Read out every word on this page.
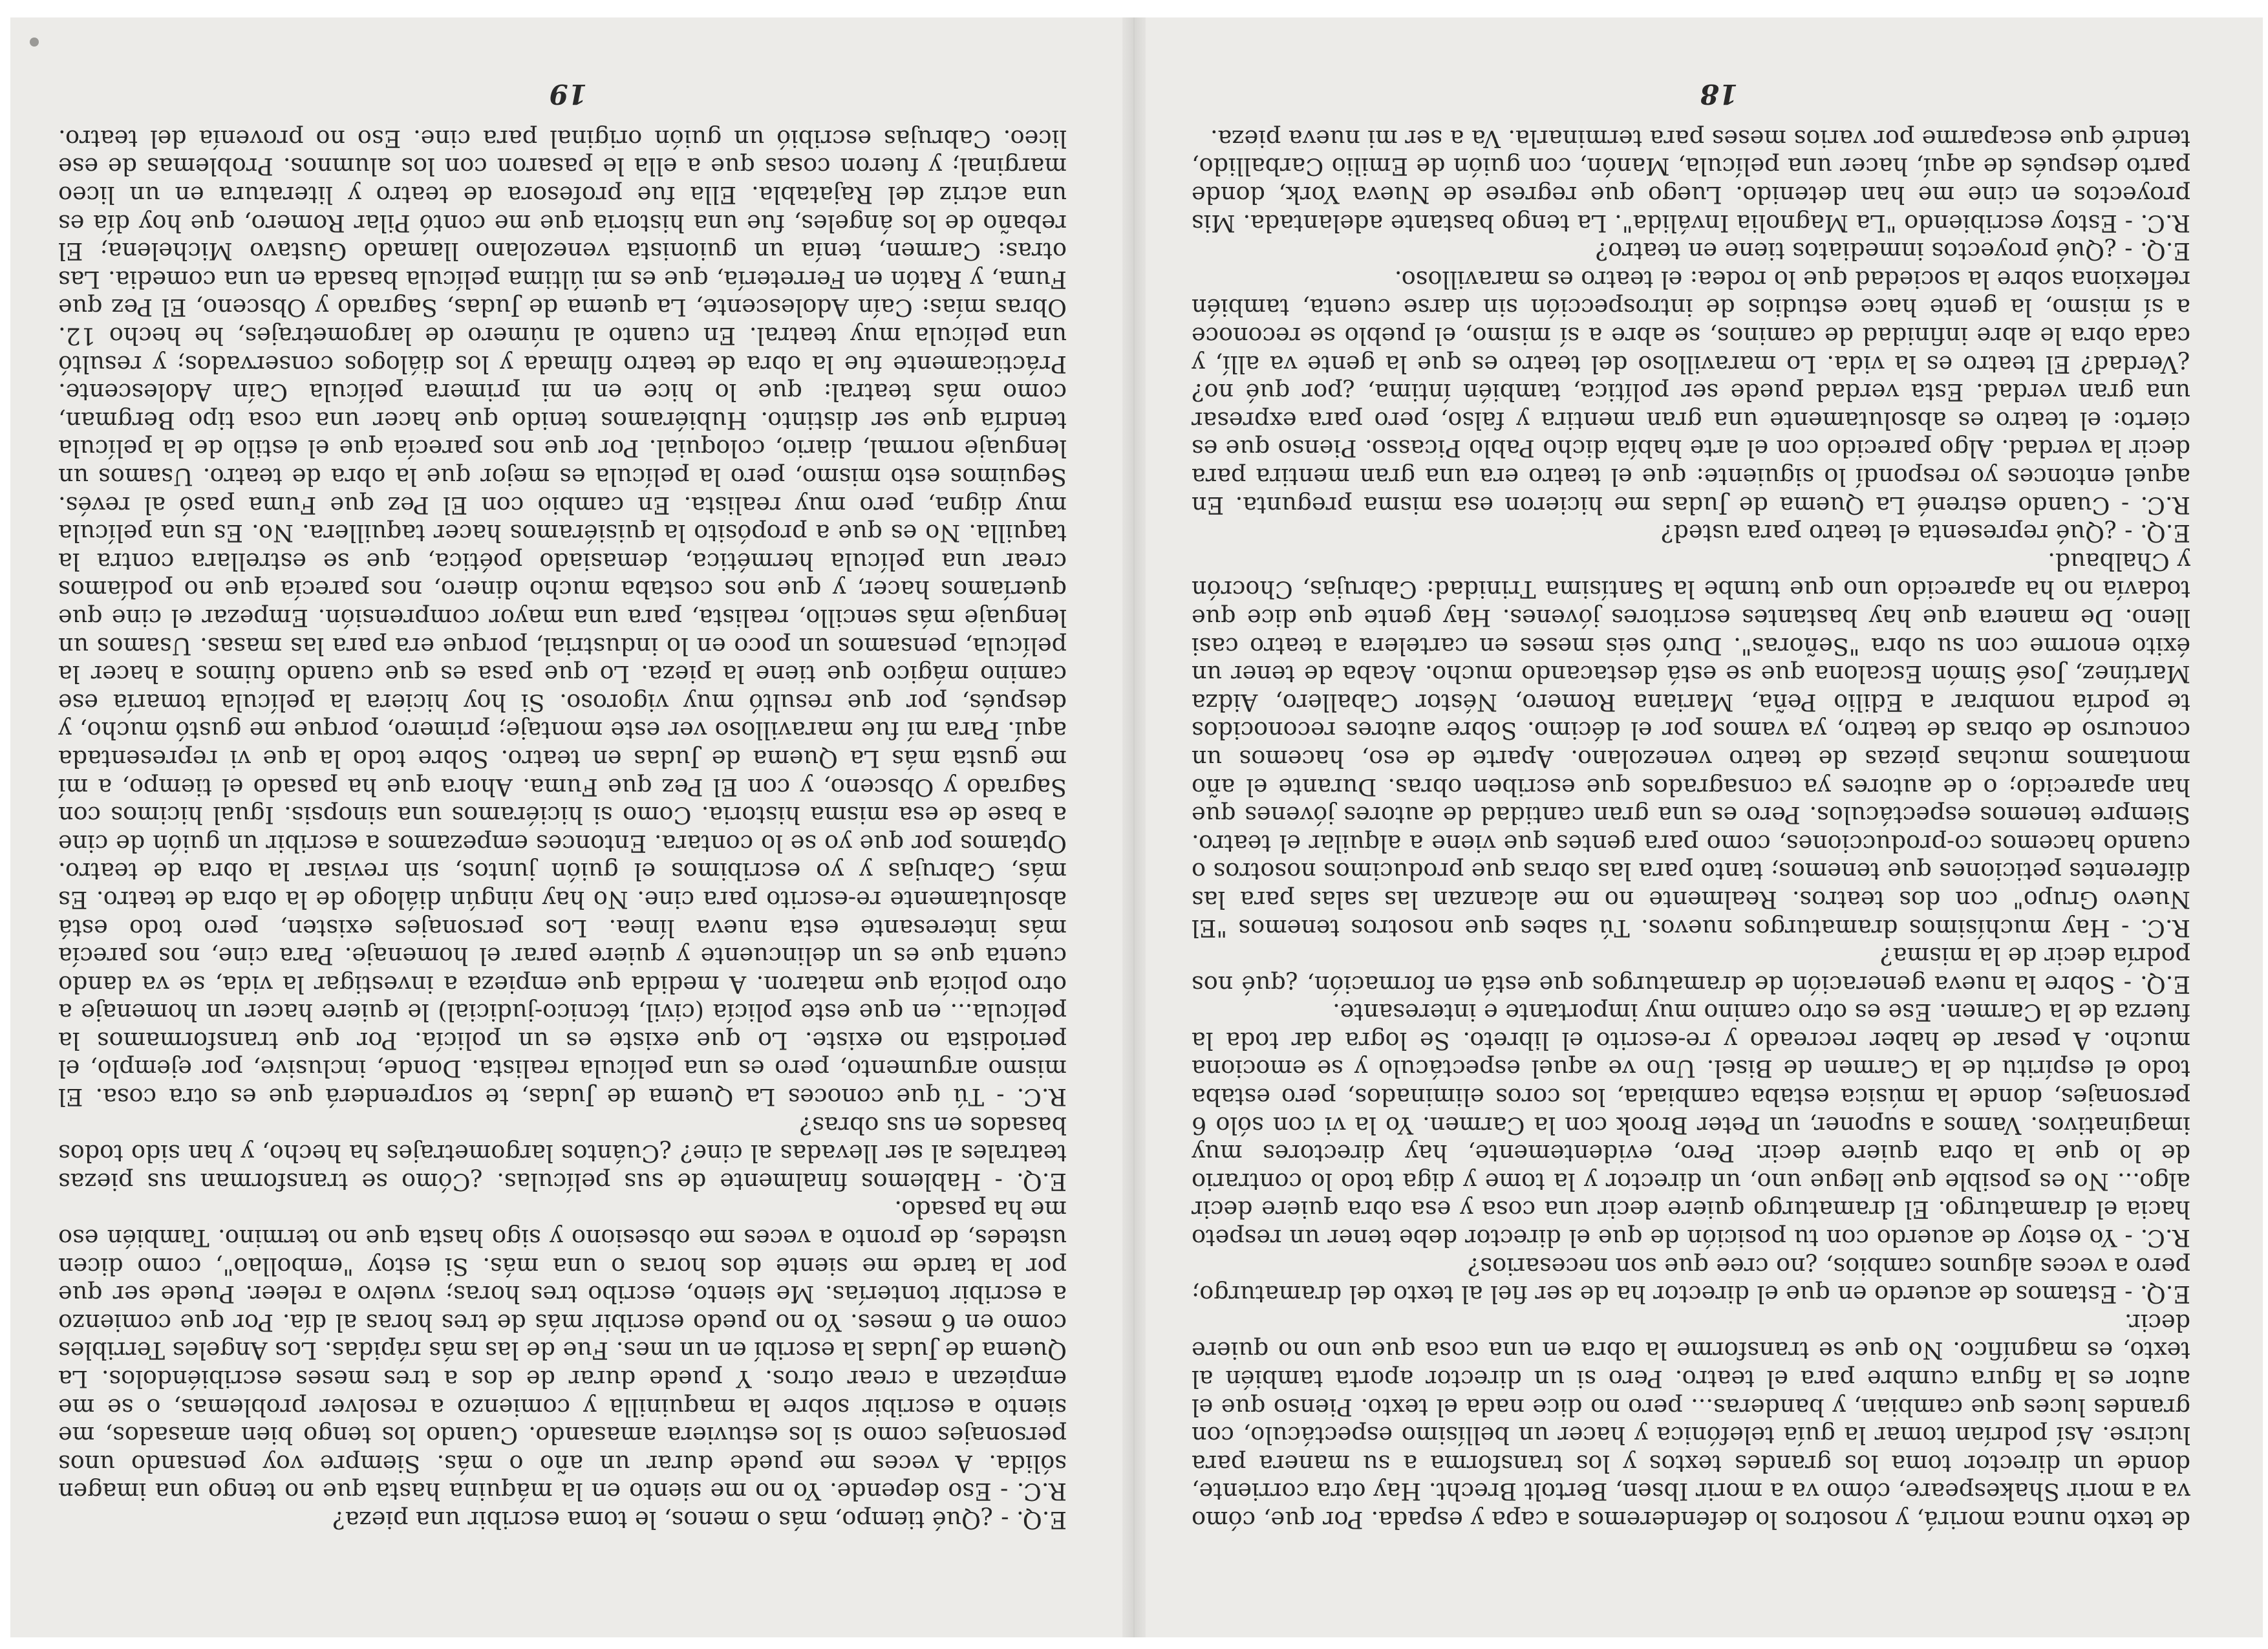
de texto nunca morirá, y nosotros lo defenderemos a capa y espada. Por que, cómo va a morir Shakespeare, cómo va a morir Ibsen, Bertolt Brecht. Hay otra corriente, donde un director toma los grandes textos y los transforma a su manera para lucirse. Así podrían tomar la guía telefónica y hacer un bellísimo espectáculo, con grandes luces que cambian, y banderas... pero no dice nada el texto. Pienso que el autor es la figura cumbre para el teatro. Pero si un director aporta también al texto, es magnífico. No que se transforme la obra en una cosa que uno no quiere decir.

E.Q. - Estamos de acuerdo en que el director ha de ser fiel al texto del dramaturgo; pero a veces algunos cambios, ¿no cree que son necesarios?

R.C. - Yo estoy de acuerdo con tu posición de que el director debe tener un respeto hacia el dramaturgo. El dramaturgo quiere decir una cosa y esa obra quiere decir algo... No es posible que llegue uno, un director y la tome y diga todo lo contrario de lo que la obra quiere decir. Pero, evidentemente, hay directores muy imaginativos. Vamos a suponer, un Peter Brook con la Carmen. Yo la vi con sólo 6 personajes, donde la música estaba cambiada, los coros eliminados, pero estaba todo el espíritu de la Carmen de Bisel. Uno ve aquel espectáculo y se emociona mucho. A pesar de haber recreado y re-escrito el libreto. Se logra dar toda la fuerza de la Carmen. Ese es otro camino muy importante e interesante.

E.Q. - Sobre la nueva generación de dramaturgos que está en formación, ¿qué nos podría decir de la misma?

R.C. - Hay muchísimos dramaturgos nuevos. Tú sabes que nosotros tenemos "El Nuevo Grupo" con dos teatros. Realmente no me alcanzan las salas para las diferentes peticiones que tenemos; tanto para las obras que producimos nosotros o cuando hacemos co-producciones, como para gentes que viene a alquilar el teatro. Siempre tenemos espectáculos. Pero es una gran cantidad de autores jóvenes que han aparecido; o de autores ya consagrados que escriben obras. Durante el año montamos muchas piezas de teatro venezolano. Aparte de eso, hacemos un concurso de obras de teatro, ya vamos por el décimo. Sobre autores reconocidos te podría nombrar a Edilio Peña, Mariana Romero, Néstor Caballero, Aidza Martínez, José Simón Escalona que se está destacando mucho. Acaba de tener un éxito enorme con su obra "Señoras". Duró seis meses en cartelera a teatro casi lleno. De manera que hay bastantes escritores jóvenes. Hay gente que dice que todavía no ha aparecido uno que tumbe la Santísima Trinidad: Cabrujas, Chocrón y Chalbaud.

E.Q. - ¿Qué representa el teatro para usted?

R.C. - Cuando estrené La Quema de Judas me hicieron esa misma pregunta. En aquel entonces yo respondí lo siguiente: que el teatro era una gran mentira para decir la verdad. Algo parecido con el arte había dicho Pablo Picasso. Pienso que es cierto: el teatro es absolutamente una gran mentira y falso, pero para expresar una gran verdad. Esta verdad puede ser política, también íntima, ¿por qué no? ¿Verdad? El teatro es la vida. Lo maravilloso del teatro es que la gente va allí, y cada obra le abre infinidad de caminos, se abre a sí mismo, el pueblo se reconoce a sí mismo, la gente hace estudios de introspección sin darse cuenta, también reflexiona sobre la sociedad que lo rodea: el teatro es maravilloso.

E.Q. - ¿Qué proyectos inmediatos tiene en teatro?

R.C. - Estoy escribiendo "La Magnolia Inválida". La tengo bastante adelantada. Mis proyectos en cine me han detenido. Luego que regrese de Nueva York, donde parto después de aquí, hacer una película, Manón, con guión de Emilio Carballido, tendré que escaparme por varios meses para terminarla. Va a ser mi nueva pieza.

18

E.Q. - ¿Qué tiempo, más o menos, le toma escribir una pieza?

R.C. - Eso depende. Yo no me siento en la máquina hasta que no tengo una imagen sólida. A veces me puede durar un año o más. Siempre voy pensando unos personajes como si los estuviera amasando. Cuando los tengo bien amasados, me siento a escribir sobre la maquinilla y comienzo a resolver problemas, o se me empiezan a crear otros. Y puede durar de dos a tres meses escribiéndolos. La Quema de Judas la escribí en un mes. Fue de las más rápidas. Los Angeles Terribles como en 6 meses. Yo no puedo escribir más de tres horas al día. Por que comienzo a escribir tonterías. Me siento, escribo tres horas; vuelvo a releer. Puede ser que por la tarde me siente dos horas o una más. Si estoy "embollao", como dicen ustedes, de pronto a veces me obsesiono y sigo hasta que no termino. También eso me ha pasado.

E.Q. - Hablemos finalmente de sus películas. ¿Cómo se transforman sus piezas teatrales al ser llevadas al cine? ¿Cuántos largometrajes ha hecho, y han sido todos basados en sus obras?

R.C. - Tú que conoces La Quema de Judas, te sorprenderá que es otra cosa. El mismo argumento, pero es una película realista. Donde, inclusive, por ejemplo, el periodista no existe. Lo que existe es un policía. Por que transformamos la película... en que este policía (civil, técnico-judicial) le quiere hacer un homenaje a otro policía que mataron. A medida que empieza a investigar la vida, se va dando cuenta que es un delincuente y quiere parar el homenaje. Para cine, nos parecía más interesante esta nueva línea. Los personajes existen, pero todo está absolutamente re-escrito para cine. No hay ningún diálogo de la obra de teatro. Es más, Cabrujas y yo escribimos el guión juntos, sin revisar la obra de teatro. Optamos por que yo se lo contara. Entonces empezamos a escribir un guión de cine a base de esa misma historia. Como si hiciéramos una sinopsis. Igual hicimos con Sagrado y Obsceno, y con El Pez que Fuma. Ahora que ha pasado el tiempo, a mí me gusta más La Quema de Judas en teatro. Sobre todo la que vi representada aquí. Para mí fue maravilloso ver este montaje; primero, porque me gustó mucho, y después, por que resultó muy vigoroso. Si hoy hiciera la película tomaría ese camino mágico que tiene la pieza. Lo que pasa es que cuando fuimos a hacer la película, pensamos un poco en lo industrial, porque era para las masas. Usamos un lenguaje más sencillo, realista, para una mayor comprensión. Empezar el cine que queríamos hacer, y que nos costaba mucho dinero, nos parecía que no podíamos crear una película hermética, demasiado poética, que se estrellara contra la taquilla. No es que a propósito la quisiéramos hacer taquillera. No. Es una película muy digna, pero muy realista. En cambio con El Pez que Fuma pasó al revés. Seguimos esto mismo, pero la película es mejor que la obra de teatro. Usamos un lenguaje normal, diario, coloquial. Por que nos parecía que el estilo de la película tendría que ser distinto. Hubiéramos tenido que hacer una cosa tipo Bergman, como más teatral: que lo hice en mi primera película Caín Adolescente. Prácticamente fue la obra de teatro filmada y los diálogos conservados; y resultó una película muy teatral. En cuanto al número de largometrajes, he hecho 12. Obras mías: Caín Adolescente, La quema de Judas, Sagrado y Obsceno, El Pez que Fuma, y Ratón en Ferretería, que es mi última película basada en una comedia. Las otras: Carmen, tenía un guionista venezolano llamado Gustavo Michelena; El rebaño de los ángeles, fue una historia que me contó Pilar Romero, que hoy día es una actriz del Rajatabla. Ella fue profesora de teatro y literatura en un liceo marginal; y fueron cosas que a ella le pasaron con los alumnos. Problemas de ese liceo. Cabrujas escribió un guión original para cine. Eso no provenía del teatro.

19
